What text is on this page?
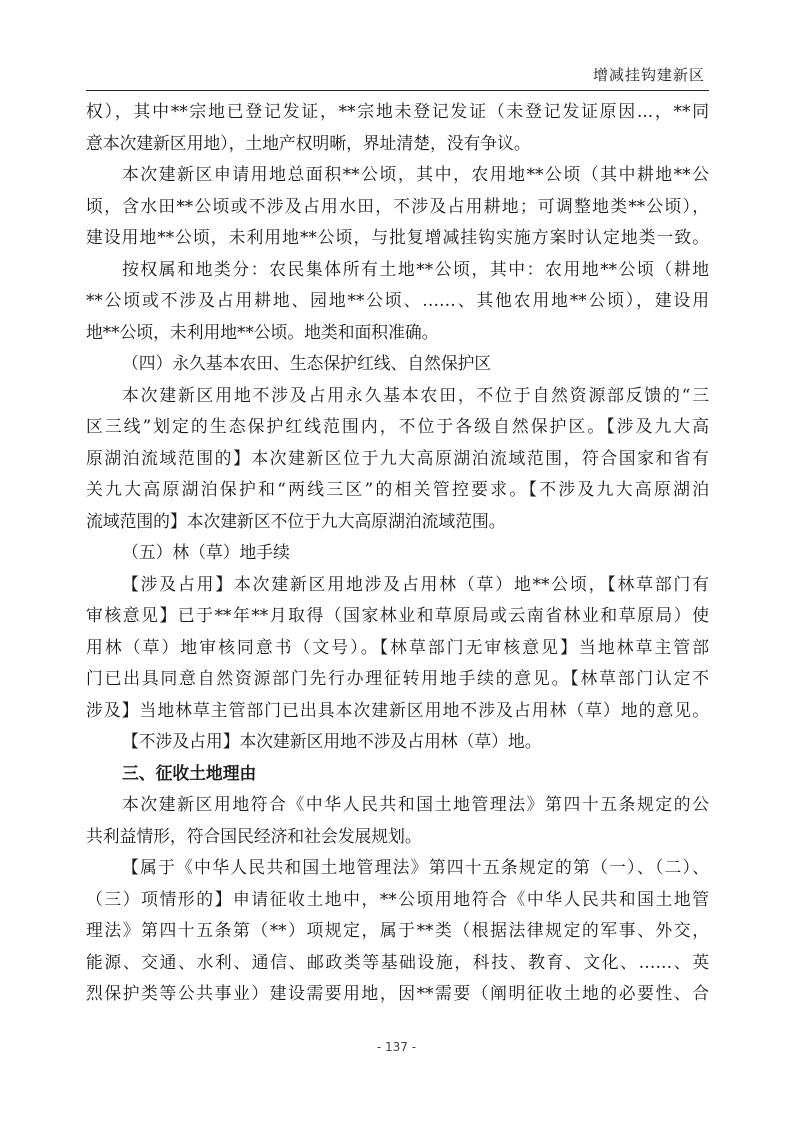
增减挂钩建新区
权），其中**宗地已登记发证，**宗地未登记发证（未登记发证原因...，**同
意本次建新区用地），土地产权明晰，界址清楚，没有争议。
本次建新区申请用地总面积**公顷，其中，农用地**公顷（其中耕地**公
顷，含水田**公顷或不涉及占用水田，不涉及占用耕地；可调整地类**公顷），
建设用地**公顷，未利用地**公顷，与批复增减挂钩实施方案时认定地类一致。
按权属和地类分：农民集体所有土地**公顷，其中：农用地**公顷（耕地
**公顷或不涉及占用耕地、园地**公顷、……、其他农用地**公顷），建设用
地**公顷，未利用地**公顷。地类和面积准确。
（四）永久基本农田、生态保护红线、自然保护区
本次建新区用地不涉及占用永久基本农田，不位于自然资源部反馈的“三
区三线”划定的生态保护红线范围内，不位于各级自然保护区。【涉及九大高
原湖泊流域范围的】本次建新区位于九大高原湖泊流域范围，符合国家和省有
关九大高原湖泊保护和“两线三区”的相关管控要求。【不涉及九大高原湖泊
流域范围的】本次建新区不位于九大高原湖泊流域范围。
（五）林（草）地手续
【涉及占用】本次建新区用地涉及占用林（草）地**公顷，【林草部门有
审核意见】已于**年**月取得（国家林业和草原局或云南省林业和草原局）使
用林（草）地审核同意书（文号）。【林草部门无审核意见】当地林草主管部
门已出具同意自然资源部门先行办理征转用地手续的意见。【林草部门认定不
涉及】当地林草主管部门已出具本次建新区用地不涉及占用林（草）地的意见。
【不涉及占用】本次建新区用地不涉及占用林（草）地。
三、征收土地理由
本次建新区用地符合《中华人民共和国土地管理法》第四十五条规定的公
共利益情形，符合国民经济和社会发展规划。
【属于《中华人民共和国土地管理法》第四十五条规定的第（一）、（二）、
（三）项情形的】申请征收土地中，**公顷用地符合《中华人民共和国土地管
理法》第四十五条第（**）项规定，属于**类（根据法律规定的军事、外交，
能源、交通、水利、通信、邮政类等基础设施，科技、教育、文化、……、英
烈保护类等公共事业）建设需要用地，因**需要（阐明征收土地的必要性、合
- 137 -
